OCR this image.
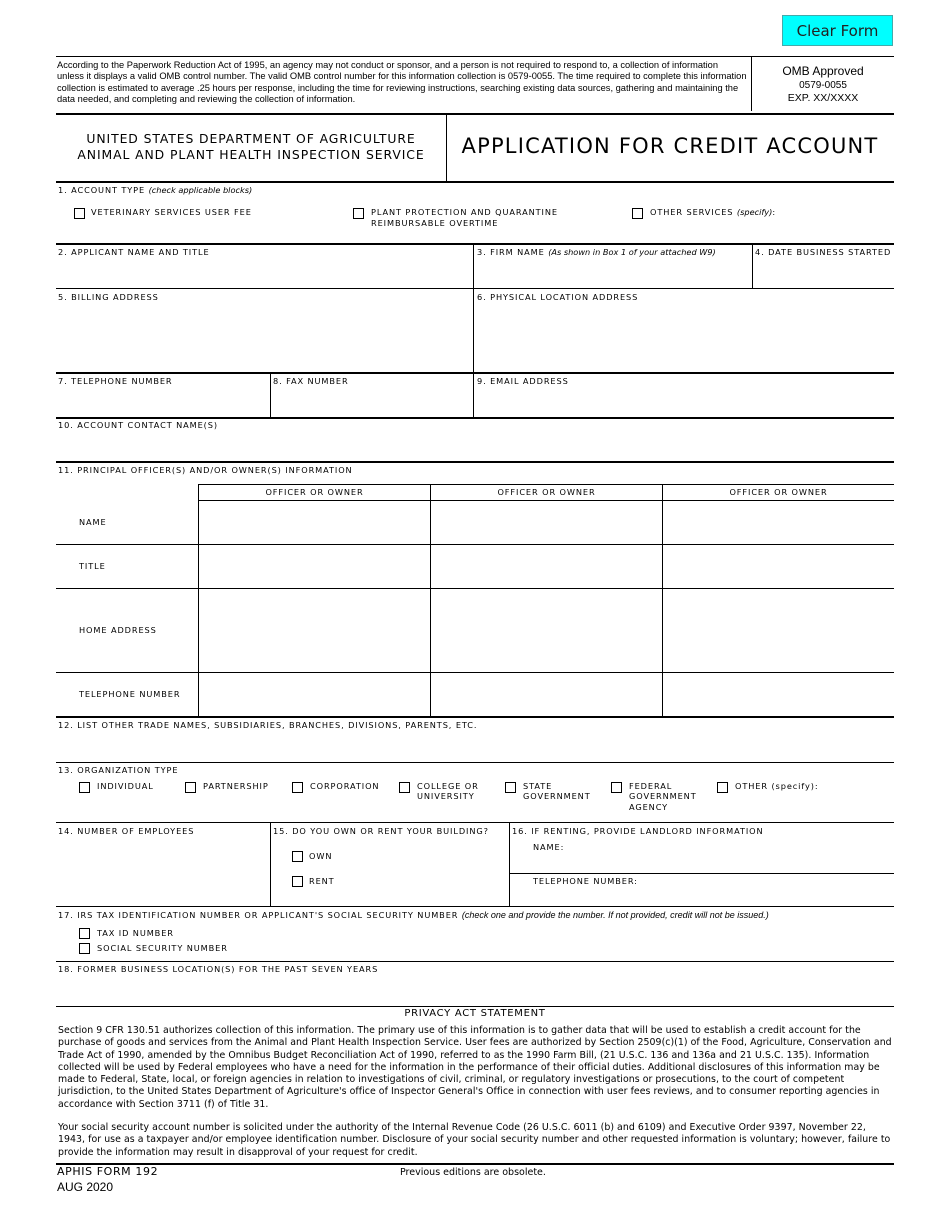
Clear Form
According to the Paperwork Reduction Act of 1995, an agency may not conduct or sponsor, and a person is not required to respond to, a collection of information unless it displays a valid OMB control number. The valid OMB control number for this information collection is 0579-0055. The time required to complete this information collection is estimated to average .25 hours per response, including the time for reviewing instructions, searching existing data sources, gathering and maintaining the data needed, and completing and reviewing the collection of information.
OMB Approved
0579-0055
EXP. XX/XXXX
UNITED STATES DEPARTMENT OF AGRICULTURE
ANIMAL AND PLANT HEALTH INSPECTION SERVICE	APPLICATION FOR CREDIT ACCOUNT
1. ACCOUNT TYPE (check applicable blocks)
VETERINARY SERVICES USER FEE	PLANT PROTECTION AND QUARANTINE
REIMBURSABLE OVERTIME
OTHER SERVICES (specify):
2. APPLICANT NAME AND TITLE	3. FIRM NAME (As shown in Box 1 of your attached W9)	4. DATE BUSINESS STARTED
5. BILLING ADDRESS	6. PHYSICAL LOCATION ADDRESS
7. TELEPHONE NUMBER	8. FAX NUMBER	9. EMAIL ADDRESS
10. ACCOUNT CONTACT NAME(S)
11. PRINCIPAL OFFICER(S) AND/OR OWNER(S) INFORMATION
OFFICER OR OWNER	OFFICER OR OWNER	OFFICER OR OWNER
NAME
TITLE
HOME ADDRESS
TELEPHONE NUMBER
12. LIST OTHER TRADE NAMES, SUBSIDIARIES, BRANCHES, DIVISIONS, PARENTS, ETC.
13. ORGANIZATION TYPE
INDIVIDUAL	PARTNERSHIP	CORPORATION	COLLEGE OR
UNIVERSITY
STATE
GOVERNMENT
FEDERAL
GOVERNMENT
AGENCY
OTHER (specify):
14. NUMBER OF EMPLOYEES	15. DO YOU OWN OR RENT YOUR BUILDING?
OWN
RENT
16. IF RENTING, PROVIDE LANDLORD INFORMATION
NAME:
TELEPHONE NUMBER:
17. IRS TAX IDENTIFICATION NUMBER OR APPLICANT'S SOCIAL SECURITY NUMBER (check one and provide the number. If not provided, credit will not be issued.)
TAX ID NUMBER
SOCIAL SECURITY NUMBER
18. FORMER BUSINESS LOCATION(S) FOR THE PAST SEVEN YEARS
PRIVACY ACT STATEMENT
Section 9 CFR 130.51 authorizes collection of this information. The primary use of this information is to gather data that will be used to establish a credit account for the purchase of goods and services from the Animal and Plant Health Inspection Service. User fees are authorized by Section 2509(c)(1) of the Food, Agriculture, Conservation and Trade Act of 1990, amended by the Omnibus Budget Reconciliation Act of 1990, referred to as the 1990 Farm Bill, (21 U.S.C. 136 and 136a and 21 U.S.C. 135). Information collected will be used by Federal employees who have a need for the information in the performance of their official duties. Additional disclosures of this information may be made to Federal, State, local, or foreign agencies in relation to investigations of civil, criminal, or regulatory investigations or prosecutions, to the court of competent jurisdiction, to the United States Department of Agriculture's office of Inspector General's Office in connection with user fees reviews, and to consumer reporting agencies in accordance with Section 3711 (f) of Title 31.
Your social security account number is solicited under the authority of the Internal Revenue Code (26 U.S.C. 6011 (b) and 6109) and Executive Order 9397, November 22, 1943, for use as a taxpayer and/or employee identification number. Disclosure of your social security number and other requested information is voluntary; however, failure to provide the information may result in disapproval of your request for credit.
APHIS FORM 192
AUG 2020
Previous editions are obsolete.
